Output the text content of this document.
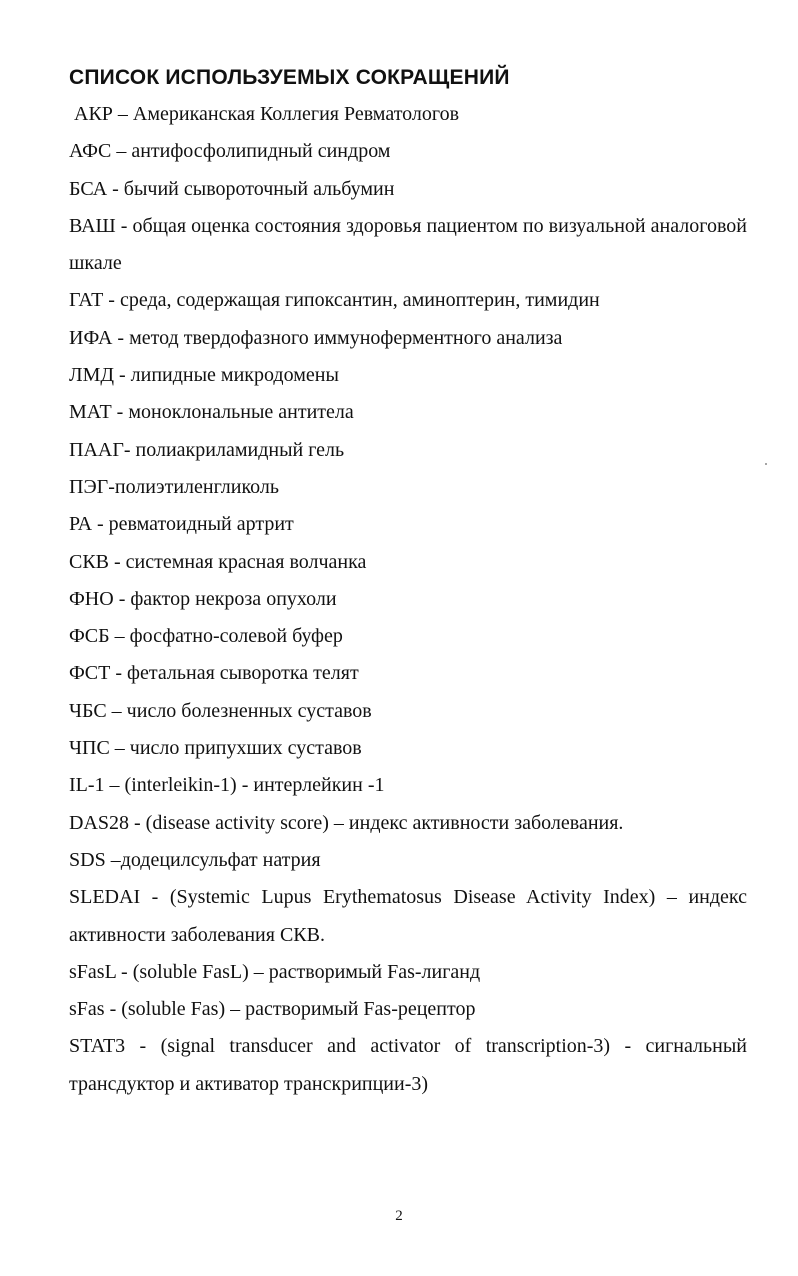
СПИСОК ИСПОЛЬЗУЕМЫХ СОКРАЩЕНИЙ
АКР – Американская Коллегия Ревматологов
АФС – антифосфолипидный синдром
БСА - бычий сывороточный альбумин
ВАШ - общая оценка состояния здоровья пациентом по визуальной аналоговой шкале
ГАТ - среда, содержащая гипоксантин, аминоптерин, тимидин
ИФА - метод твердофазного иммуноферментного анализа
ЛМД - липидные микродомены
МАТ - моноклональные антитела
ПААГ- полиакриламидный гель
ПЭГ-полиэтиленгликоль
РА - ревматоидный артрит
СКВ - системная красная волчанка
ФНО - фактор некроза опухоли
ФСБ – фосфатно-солевой буфер
ФСТ - фетальная сыворотка телят
ЧБС – число болезненных суставов
ЧПС – число припухших суставов
IL-1 – (interleikin-1) - интерлейкин -1
DAS28 - (disease activity score) – индекс активности заболевания.
SDS –додецилсульфат натрия
SLEDAI - (Systemic Lupus Erythematosus Disease Activity Index) – индекс активности заболевания СКВ.
sFasL - (soluble FasL) – растворимый Fas-лиганд
sFas - (soluble Fas) – растворимый Fas-рецептор
STAT3 - (signal transducer and activator of transcription-3) - сигнальный трансдуктор и активатор транскрипции-3)
2
